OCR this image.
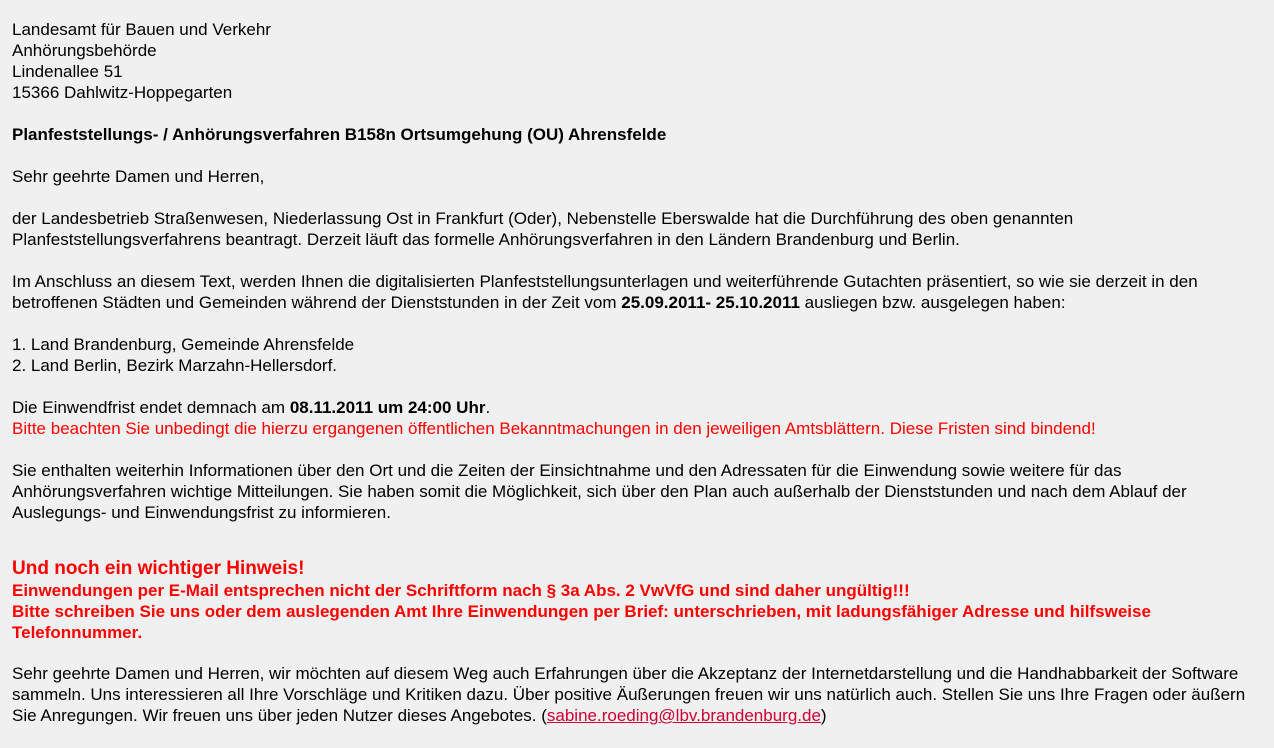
Landesamt für Bauen und Verkehr

Anhörungsbehörde

Lindenallee 51

15366 Dahlwitz-Hoppegarten

Planfeststellungs- / Anhörungsverfahren B158n Ortsumgehung (OU) Ahrensfelde

Sehr geehrte Damen und Herren,

der Landesbetrieb Straßenwesen, Niederlassung Ost in Frankfurt (Oder), Nebenstelle Eberswalde hat die Durchführung des oben genannten Planfeststellungsverfahrens beantragt. Derzeit läuft das formelle Anhörungsverfahren in den Ländern Brandenburg und Berlin.

Im Anschluss an diesem Text, werden Ihnen die digitalisierten Planfeststellungsunterlagen und weiterführende Gutachten präsentiert, so wie sie derzeit in den betroffenen Städten und Gemeinden während der Dienststunden in der Zeit vom 25.09.2011- 25.10.2011 ausliegen bzw. ausgelegen haben:

1. Land Brandenburg, Gemeinde Ahrensfelde

2. Land Berlin, Bezirk Marzahn-Hellersdorf.

Die Einwendfrist endet demnach am 08.11.2011 um 24:00 Uhr.

Bitte beachten Sie unbedingt die hierzu ergangenen öffentlichen Bekanntmachungen in den jeweiligen Amtsblättern. Diese Fristen sind bindend!

Sie enthalten weiterhin Informationen über den Ort und die Zeiten der Einsichtnahme und den Adressaten für die Einwendung sowie weitere für das Anhörungsverfahren wichtige Mitteilungen. Sie haben somit die Möglichkeit, sich über den Plan auch außerhalb der Dienststunden und nach dem Ablauf der Auslegungs- und Einwendungsfrist zu informieren.

Und noch ein wichtiger Hinweis!

Einwendungen per E-Mail entsprechen nicht der Schriftform nach § 3a Abs. 2 VwVfG und sind daher ungültig!!!

Bitte schreiben Sie uns oder dem auslegenden Amt Ihre Einwendungen per Brief: unterschrieben, mit ladungsfähiger Adresse und hilfsweise Telefonnummer.

Sehr geehrte Damen und Herren, wir möchten auf diesem Weg auch Erfahrungen über die Akzeptanz der Internetdarstellung und die Handhabbarkeit der Software sammeln. Uns interessieren all Ihre Vorschläge und Kritiken dazu. Über positive Äußerungen freuen wir uns natürlich auch. Stellen Sie uns Ihre Fragen oder äußern Sie Anregungen. Wir freuen uns über jeden Nutzer dieses Angebotes. (sabine.roeding@lbv.brandenburg.de)
